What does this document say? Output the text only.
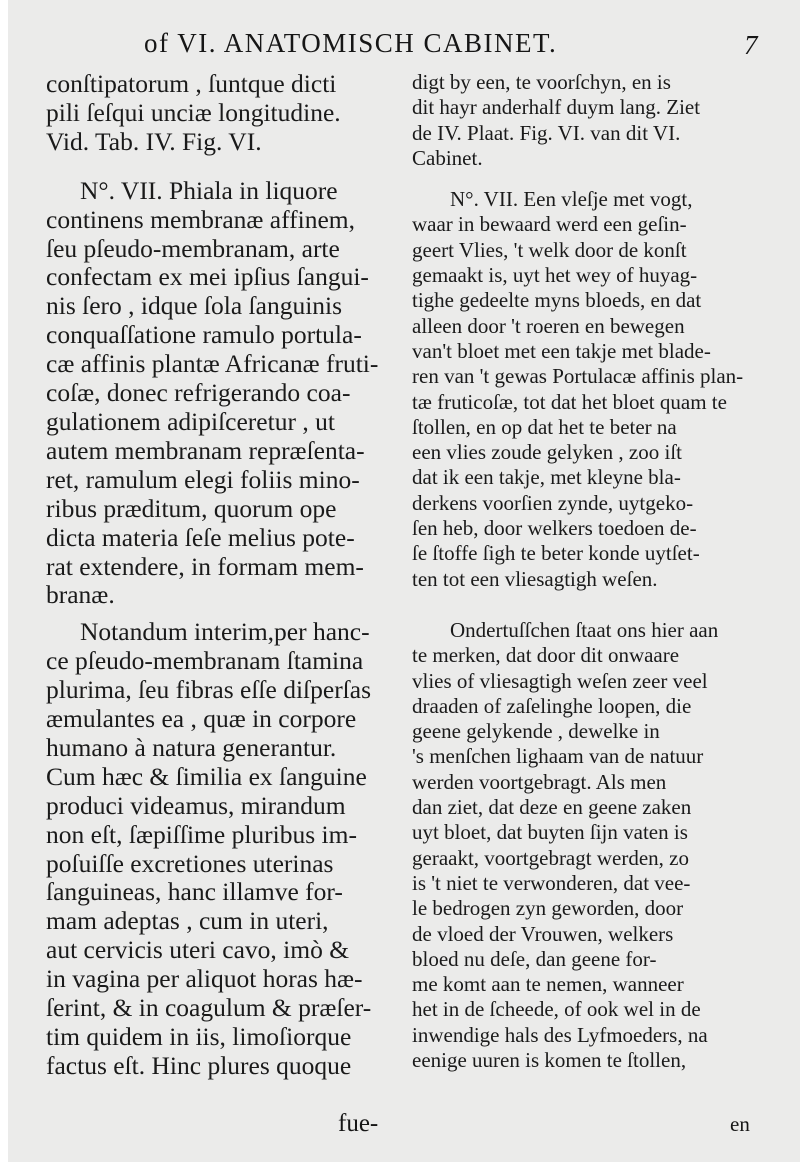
of VI. ANATOMISCH CABINET.	7
conſtipatorum , ſuntque dicti
pili ſeſqui unciæ longitudine.
Vid. Tab. IV. Fig. VI.
N°. VII. Phiala in liquore
continens membranæ affinem,
ſeu pſeudo-membranam, arte
confectam ex mei ipſius ſangui-
nis ſero , idque ſola ſanguinis
conquaſſatione ramulo portula-
cæ affinis plantæ Africanæ fruti-
coſæ, donec refrigerando coa-
gulationem adipiſceretur , ut
autem membranam repræſenta-
ret, ramulum elegi foliis mino-
ribus præditum, quorum ope
dicta materia ſeſe melius pote-
rat extendere, in formam mem-
branæ.
Notandum interim,per hanc-
ce pſeudo-membranam ſtamina
plurima, ſeu fibras eſſe diſperſas
æmulantes ea , quæ in corpore
humano à natura generantur.
Cum hæc & ſimilia ex ſanguine
produci videamus, mirandum
non eſt, ſæpiſſime pluribus im-
poſuiſſe excretiones uterinas
ſanguineas, hanc illamve for-
mam adeptas , cum in uteri,
aut cervicis uteri cavo, imò &
in vagina per aliquot horas hæ-
ſerint, & in coagulum & præſer-
tim quidem in iis, limoſiorque
factus eſt. Hinc plures quoque
fue-
digt by een, te voorſchyn, en is
dit hayr anderhalf duym lang. Ziet
de IV. Plaat. Fig. VI. van dit VI.
Cabinet.
N°. VII. Een vleſje met vogt,
waar in bewaard werd een geſin-
geert Vlies, 't welk door de konſt
gemaakt is, uyt het wey of huyag-
tighe gedeelte myns bloeds, en dat
alleen door 't roeren en bewegen
van't bloet met een takje met blade-
ren van 't gewas Portulacæ affinis plan-
tæ fruticoſæ, tot dat het bloet quam te
ſtollen, en op dat het te beter na
een vlies zoude gelyken , zoo iſt
dat ik een takje, met kleyne bla-
derkens voorſien zynde, uytgeko-
ſen heb, door welkers toedoen de-
ſe ſtoffe ſigh te beter konde uytſet-
ten tot een vliesagtigh weſen.
Ondertuſſchen ſtaat ons hier aan
te merken, dat door dit onwaare
vlies of vliesagtigh weſen zeer veel
draaden of zaſelinghe loopen, die
geene gelykende , dewelke in
's menſchen lighaam van de natuur
werden voortgebragt. Als men
dan ziet, dat deze en geene zaken
uyt bloet, dat buyten ſijn vaten is
geraakt, voortgebragt werden, zo
is 't niet te verwonderen, dat vee-
le bedrogen zyn geworden, door
de vloed der Vrouwen, welkers
bloed nu deſe, dan geene for-
me komt aan te nemen, wanneer
het in de ſcheede, of ook wel in de
inwendige hals des Lyfmoeders, na
eenige uuren is komen te ſtollen,
en
